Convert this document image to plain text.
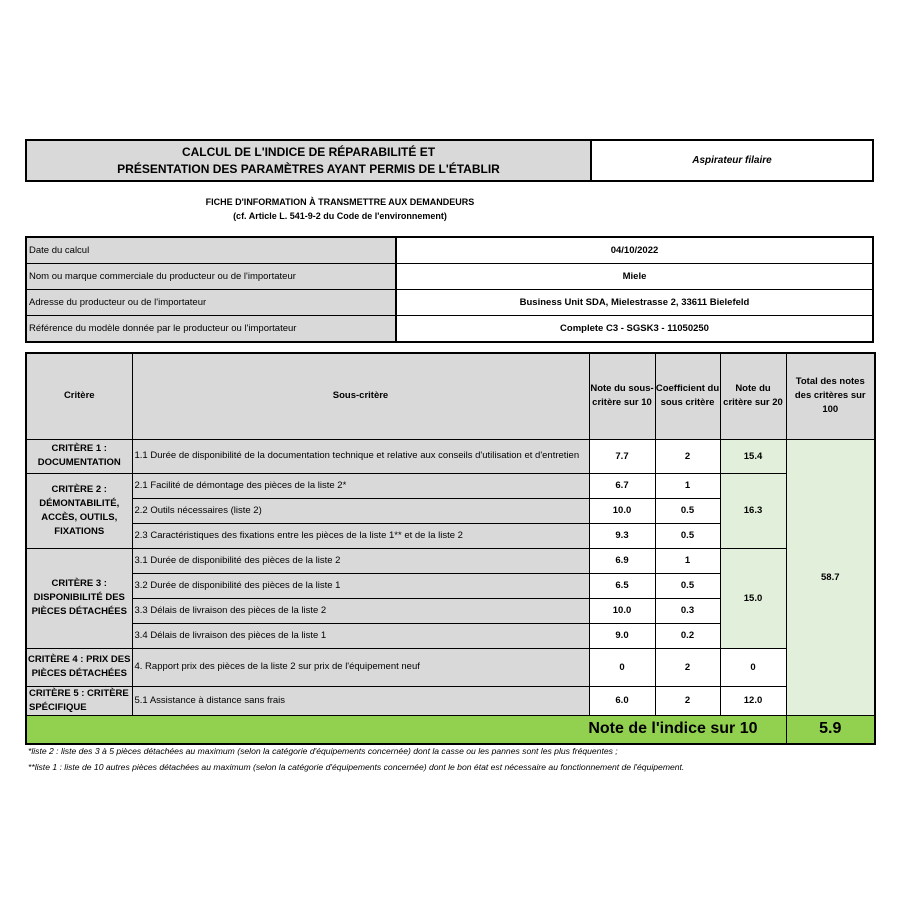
CALCUL DE L'INDICE DE RÉPARABILITÉ ET
PRÉSENTATION DES PARAMÈTRES AYANT PERMIS DE L'ÉTABLIR
Aspirateur filaire
FICHE D'INFORMATION À TRANSMETTRE AUX DEMANDEURS
(cf. Article L. 541-9-2 du Code de l'environnement)
Date du calcul	04/10/2022
Nom ou marque commerciale du producteur ou de l'importateur	Miele
Adresse du producteur ou de l'importateur	Business Unit SDA, Mielestrasse 2, 33611 Bielefeld
Référence du modèle donnée par le producteur ou l'importateur	Complete C3 - SGSK3 - 11050250
Critère	Sous-critère	Note du sous-critère sur 10	Coefficient du sous critère	Note du critère sur 20	Total des notes des critères sur 100
CRITÈRE 1 : DOCUMENTATION	1.1 Durée de disponibilité de la documentation technique et relative aux conseils d'utilisation et d'entretien	7.7	2	15.4	58.7
CRITÈRE 2 : DÉMONTABILITÉ, ACCÈS, OUTILS, FIXATIONS	2.1 Facilité de démontage des pièces de la liste 2*	6.7	1	16.3	
	2.2 Outils nécessaires (liste 2)	10.0	0.5		
	2.3 Caractéristiques des fixations entre les pièces de la liste 1** et de la liste 2	9.3	0.5		
CRITÈRE 3 : DISPONIBILITÉ DES PIÈCES DÉTACHÉES	3.1 Durée de disponibilité des pièces de la liste 2	6.9	1	15.0	
	3.2 Durée de disponibilité des pièces de la liste 1	6.5	0.5		
	3.3 Délais de livraison des pièces de la liste 2	10.0	0.3		
	3.4 Délais de livraison des pièces de la liste 1	9.0	0.2		
CRITÈRE 4 : PRIX DES PIÈCES DÉTACHÉES	4. Rapport prix des pièces de la liste 2 sur prix de l'équipement neuf	0	2	0	
CRITÈRE 5 : CRITÈRE SPÉCIFIQUE	5.1 Assistance à distance sans frais	6.0	2	12.0	
Note de l'indice sur 10					5.9
*liste 2 : liste des 3 à 5 pièces détachées au maximum (selon la catégorie d'équipements concernée) dont la casse ou les pannes sont les plus fréquentes ;
**liste 1 : liste de 10 autres pièces détachées au maximum (selon la catégorie d'équipements concernée) dont le bon état est nécessaire au fonctionnement de l'équipement.
